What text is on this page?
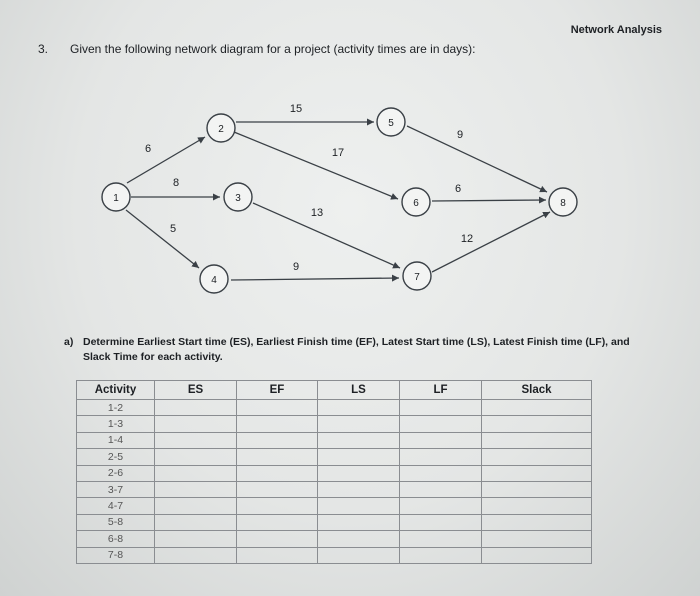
Network Analysis
3. Given the following network diagram for a project (activity times are in days):
6
8
5
15
17
13
9
9
6
12
1
2
3
4
5
6
7
8
a) Determine Earliest Start time (ES), Earliest Finish time (EF), Latest Start time (LS), Latest Finish time (LF), and Slack Time for each activity.
Activity	ES	EF	LS	LF	Slack
1-2					
1-3					
1-4					
2-5					
2-6					
3-7					
4-7					
5-8					
6-8					
7-8					
